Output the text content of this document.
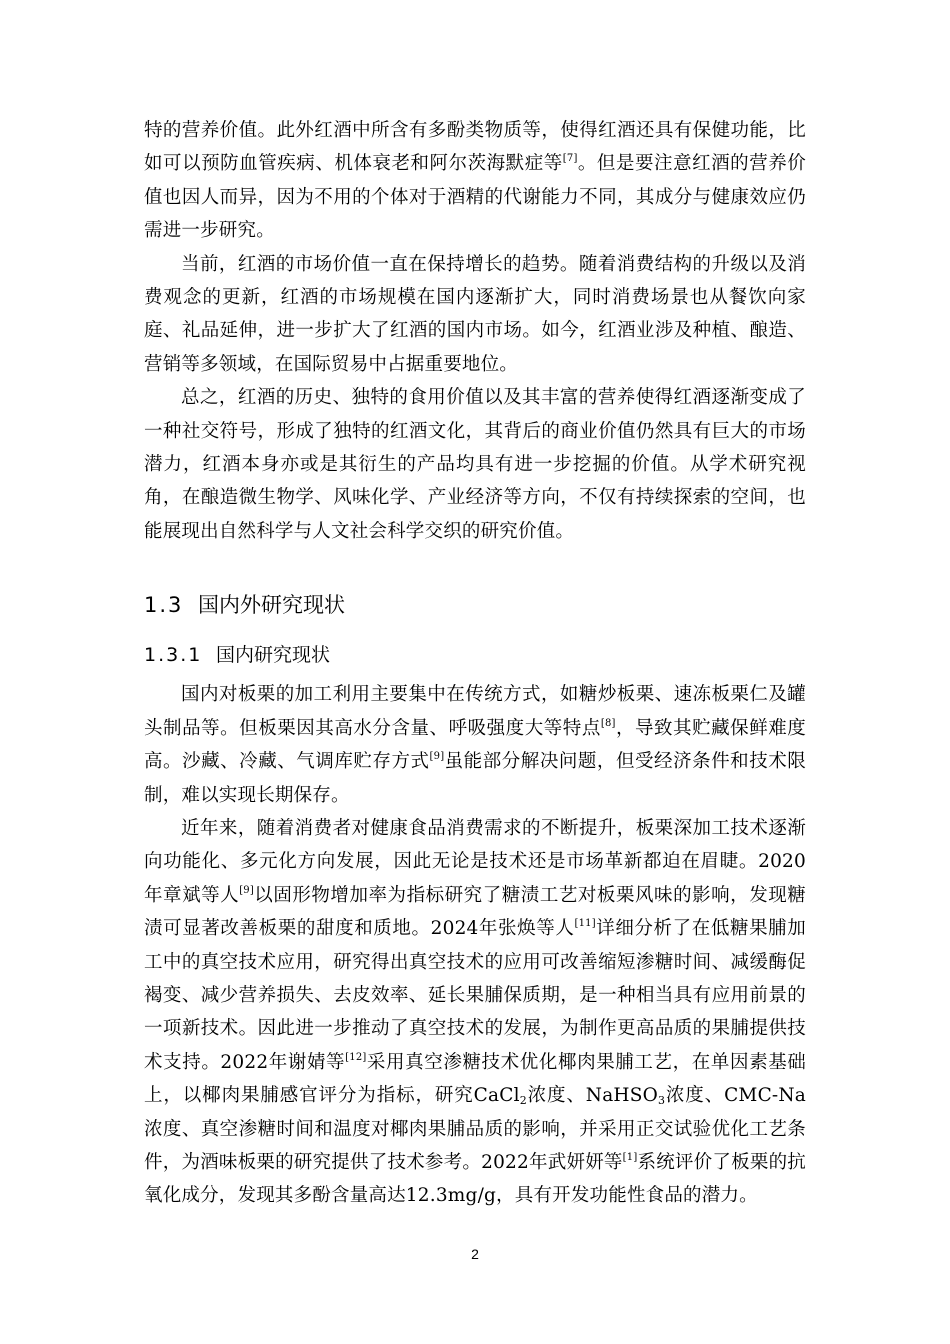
特的营养价值。此外红酒中所含有多酚类物质等，使得红酒还具有保健功能，比如可以预防血管疾病、机体衰老和阿尔茨海默症等[7]。但是要注意红酒的营养价值也因人而异，因为不用的个体对于酒精的代谢能力不同，其成分与健康效应仍需进一步研究。

当前，红酒的市场价值一直在保持增长的趋势。随着消费结构的升级以及消费观念的更新，红酒的市场规模在国内逐渐扩大，同时消费场景也从餐饮向家庭、礼品延伸，进一步扩大了红酒的国内市场。如今，红酒业涉及种植、酿造、营销等多领域，在国际贸易中占据重要地位。

总之，红酒的历史、独特的食用价值以及其丰富的营养使得红酒逐渐变成了一种社交符号，形成了独特的红酒文化，其背后的商业价值仍然具有巨大的市场潜力，红酒本身亦或是其衍生的产品均具有进一步挖掘的价值。从学术研究视角，在酿造微生物学、风味化学、产业经济等方向，不仅有持续探索的空间，也能展现出自然科学与人文社会科学交织的研究价值。

1.3 国内外研究现状
1.3.1 国内研究现状

国内对板栗的加工利用主要集中在传统方式，如糖炒板栗、速冻板栗仁及罐头制品等。但板栗因其高水分含量、呼吸强度大等特点[8]，导致其贮藏保鲜难度高。沙藏、冷藏、气调库贮存方式[9]虽能部分解决问题，但受经济条件和技术限制，难以实现长期保存。

近年来，随着消费者对健康食品消费需求的不断提升，板栗深加工技术逐渐向功能化、多元化方向发展，因此无论是技术还是市场革新都迫在眉睫。2020年章斌等人[9]以固形物增加率为指标研究了糖渍工艺对板栗风味的影响，发现糖渍可显著改善板栗的甜度和质地。2024年张焕等人[11]详细分析了在低糖果脯加工中的真空技术应用，研究得出真空技术的应用可改善缩短渗糖时间、减缓酶促褐变、减少营养损失、去皮效率、延长果脯保质期，是一种相当具有应用前景的一项新技术。因此进一步推动了真空技术的发展，为制作更高品质的果脯提供技术支持。2022年谢婧等[12]采用真空渗糖技术优化椰肉果脯工艺，在单因素基础上，以椰肉果脯感官评分为指标，研究CaCl$_2$浓度、NaHSO$_3$浓度、CMC-Na浓度、真空渗糖时间和温度对椰肉果脯品质的影响，并采用正交试验优化工艺条件，为酒味板栗的研究提供了技术参考。2022年武妍妍等[1]系统评价了板栗的抗氧化成分，发现其多酚含量高达12.3mg/g，具有开发功能性食品的潜力。

2
